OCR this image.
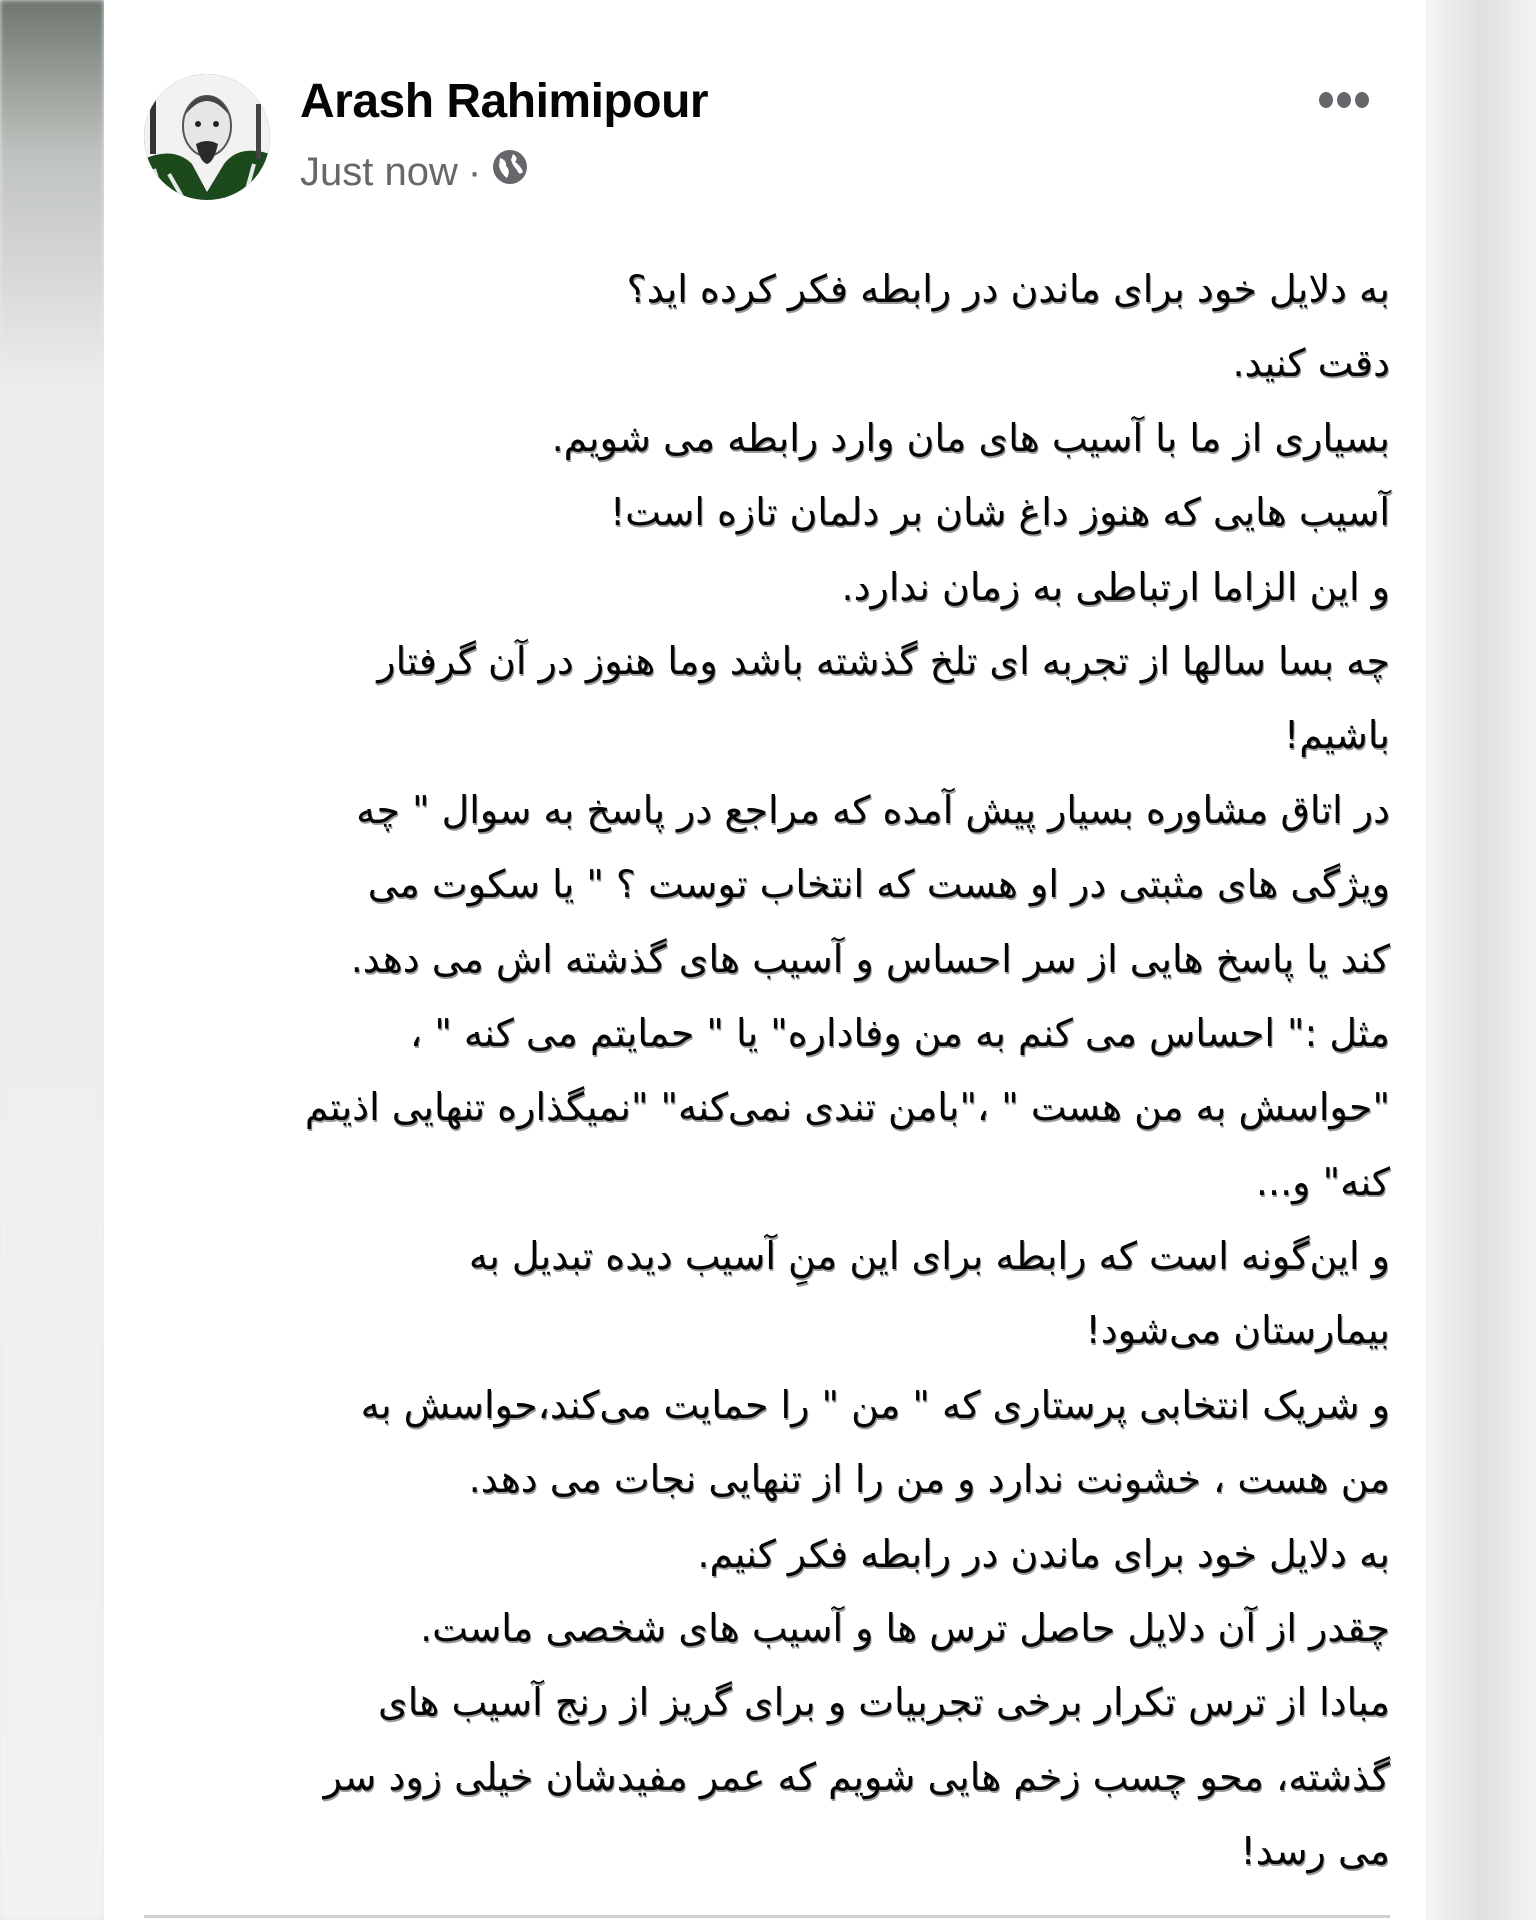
Arash Rahimipour
Just now ·
به دلایل خود برای ماندن در رابطه فکر کرده اید؟
دقت کنید.
بسیاری از ما با آسیب های مان وارد رابطه می شویم.
آسیب هایی که هنوز داغ شان بر دلمان تازه است!
و این الزاما ارتباطی به زمان ندارد.
چه بسا سالها از تجربه ای تلخ گذشته باشد وما هنوز در آن گرفتار
باشیم!
در اتاق مشاوره بسیار پیش آمده که مراجع در پاسخ به سوال " چه
ویژگی های مثبتی در او هست که انتخاب توست ؟ " یا سکوت می
کند یا پاسخ هایی از سر احساس و آسیب های گذشته اش می دهد.
مثل :" احساس می کنم به من وفاداره" یا " حمایتم می کنه " ،
"حواسش به من هست " ،"بامن تندی نمی‌کنه" "نمیگذاره تنهایی اذیتم
کنه" و...
و این‌گونه است که رابطه برای این منِ آسیب دیده تبدیل به
بیمارستان می‌شود!
و شریک انتخابی پرستاری که " من " را حمایت می‌کند،حواسش به
من هست ، خشونت ندارد و من را از تنهایی نجات می دهد.
به دلایل خود برای ماندن در رابطه فکر کنیم.
چقدر از آن دلایل حاصل ترس ها و آسیب های شخصی ماست.
مبادا از ترس تکرار برخی تجربیات و برای گریز از رنج آسیب های
گذشته، محو چسب زخم هایی شویم که عمر مفیدشان خیلی زود سر
می رسد!
